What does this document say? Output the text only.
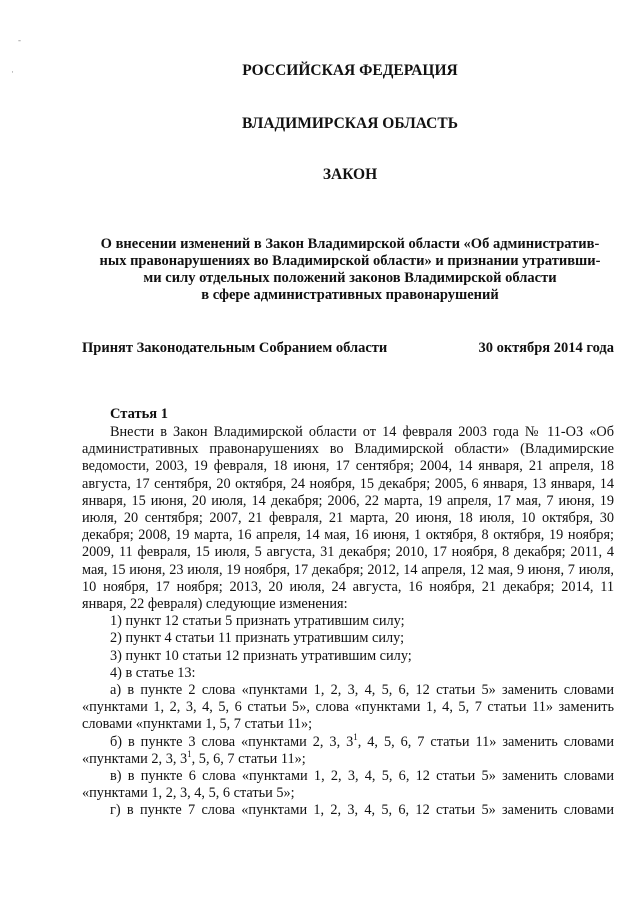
-
·	РОССИЙСКАЯ ФЕДЕРАЦИЯ
ВЛАДИМИРСКАЯ ОБЛАСТЬ
ЗАКОН
О внесении изменений в Закон Владимирской области «Об административ-
ных правонарушениях во Владимирской области» и признании утративши-
ми силу отдельных положений законов Владимирской области
в сфере административных правонарушений
Принят Законодательным Собранием области	30 октября 2014 года
Статья 1

Внести в Закон Владимирской области от 14 февраля 2003 года № 11-ОЗ «Об административных правонарушениях во Владимирской области» (Владимирские ведомости, 2003, 19 февраля, 18 июня, 17 сентября; 2004, 14 января, 21 апреля, 18 августа, 17 сентября, 20 октября, 24 ноября, 15 декабря; 2005, 6 января, 13 января, 14 января, 15 июня, 20 июля, 14 декабря; 2006, 22 марта, 19 апреля, 17 мая, 7 июня, 19 июля, 20 сентября; 2007, 21 февраля, 21 марта, 20 июня, 18 июля, 10 октября, 30 декабря; 2008, 19 марта, 16 апреля, 14 мая, 16 июня, 1 октября, 8 октября, 19 ноября; 2009, 11 февраля, 15 июля, 5 августа, 31 декабря; 2010, 17 ноября, 8 декабря; 2011, 4 мая, 15 июня, 23 июля, 19 ноября, 17 декабря; 2012, 14 апреля, 12 мая, 9 июня, 7 июля, 10 ноября, 17 ноября; 2013, 20 июля, 24 августа, 16 ноября, 21 декабря; 2014, 11 января, 22 февраля) следующие изменения:

1) пункт 12 статьи 5 признать утратившим силу;

2) пункт 4 статьи 11 признать утратившим силу;

3) пункт 10 статьи 12 признать утратившим силу;

4) в статье 13:

а) в пункте 2 слова «пунктами 1, 2, 3, 4, 5, 6, 12 статьи 5» заменить словами «пунктами 1, 2, 3, 4, 5, 6 статьи 5», слова «пунктами 1, 4, 5, 7 статьи 11» заменить словами «пунктами 1, 5, 7 статьи 11»;

б) в пункте 3 слова «пунктами 2, 3, $3^1$, 4, 5, 6, 7 статьи 11» заменить словами «пунктами 2, 3, $3^1$, 5, 6, 7 статьи 11»;

в) в пункте 6 слова «пунктами 1, 2, 3, 4, 5, 6, 12 статьи 5» заменить словами «пунктами 1, 2, 3, 4, 5, 6 статьи 5»;

г) в пункте 7 слова «пунктами 1, 2, 3, 4, 5, 6, 12 статьи 5» заменить словами
